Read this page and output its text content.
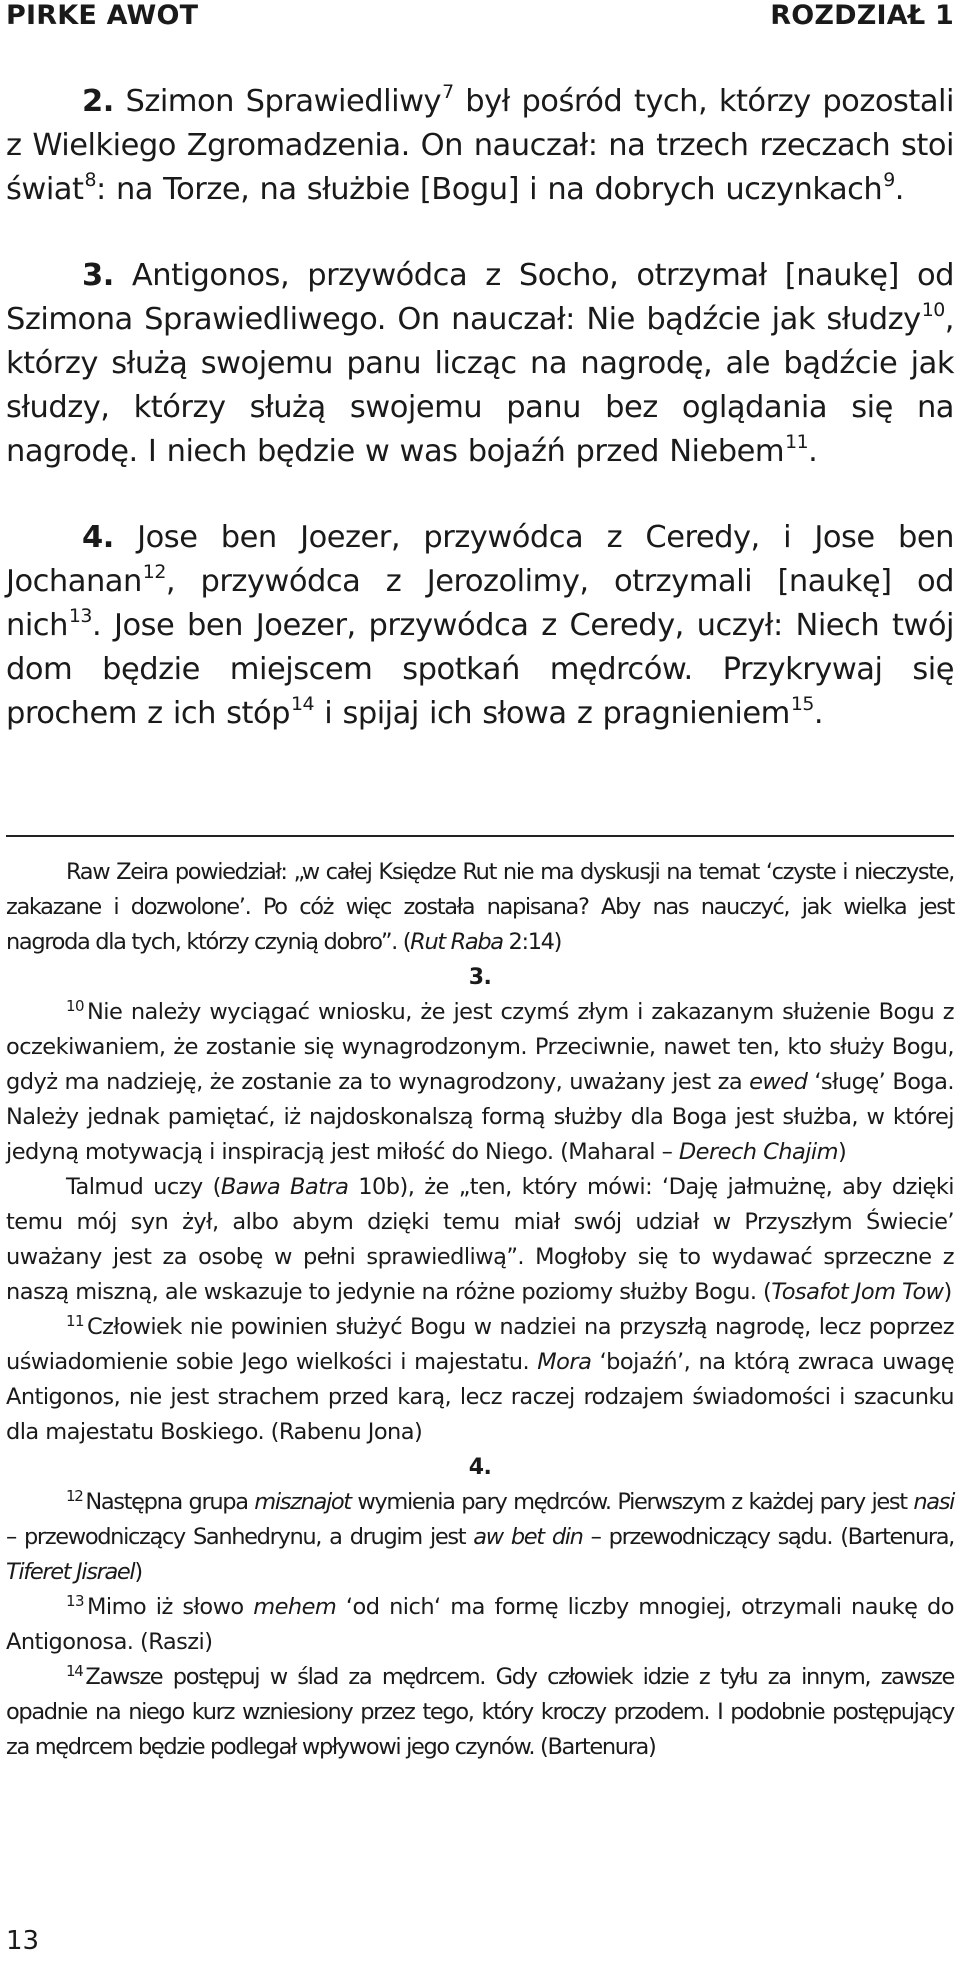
PIRKE AWOT	ROZDZIAŁ 1

2. Szimon Sprawiedliwy$^7$ był pośród tych, którzy pozostali z Wielkiego Zgromadzenia. On nauczał: na trzech rzeczach stoi świat$^8$: na Torze, na służbie [Bogu] i na dobrych uczynkach$^9$.

3. Antigonos, przywódca z Socho, otrzymał [naukę] od Szimona Sprawiedliwego. On nauczał: Nie bądźcie jak słudzy$^{10}$, którzy służą swojemu panu licząc na nagrodę, ale bądźcie jak słudzy, którzy służą swojemu panu bez oglądania się na nagrodę. I niech będzie w was bojaźń przed Niebem$^{11}$.

4. Jose ben Joezer, przywódca z Ceredy, i Jose ben Jochanan$^{12}$, przywódca z Jerozolimy, otrzymali [naukę] od nich$^{13}$. Jose ben Joezer, przywódca z Ceredy, uczył: Niech twój dom będzie miejscem spotkań mędrców. Przykrywaj się prochem z ich stóp$^{14}$ i spijaj ich słowa z pragnieniem$^{15}$.

Raw Zeira powiedział: „w całej Księdze Rut nie ma dyskusji na temat ‘czyste i nieczyste, zakazane i dozwolone’. Po cóż więc została napisana? Aby nas nauczyć, jak wielka jest nagroda dla tych, którzy czynią dobro”. (Rut Raba 2:14)

3.

$^{10}$ Nie należy wyciągać wniosku, że jest czymś złym i zakazanym służenie Bogu z oczekiwaniem, że zostanie się wynagrodzonym. Przeciwnie, nawet ten, kto służy Bogu, gdyż ma nadzieję, że zostanie za to wynagrodzony, uważany jest za ewed ‘sługę’ Boga. Należy jednak pamiętać, iż najdoskonalszą formą służby dla Boga jest służba, w której jedyną motywacją i inspiracją jest miłość do Niego. (Maharal – Derech Chajim)

Talmud uczy (Bawa Batra 10b), że „ten, który mówi: ‘Daję jałmużnę, aby dzięki temu mój syn żył, albo abym dzięki temu miał swój udział w Przyszłym Świecie’ uważany jest za osobę w pełni sprawiedliwą”. Mogłoby się to wydawać sprzeczne z naszą miszną, ale wskazuje to jedynie na różne poziomy służby Bogu. (Tosafot Jom Tow)

$^{11}$ Człowiek nie powinien służyć Bogu w nadziei na przyszłą nagrodę, lecz poprzez uświadomienie sobie Jego wielkości i majestatu. Mora ‘bojaźń’, na którą zwraca uwagę Antigonos, nie jest strachem przed karą, lecz raczej rodzajem świadomości i szacunku dla majestatu Boskiego. (Rabenu Jona)

4.

$^{12}$ Następna grupa misznajot wymienia pary mędrców. Pierwszym z każdej pary jest nasi – przewodniczący Sanhedrynu, a drugim jest aw bet din – przewodniczący sądu. (Bartenura, Tiferet Jisrael)

$^{13}$ Mimo iż słowo mehem ‘od nich‘ ma formę liczby mnogiej, otrzymali naukę do Antigonosa. (Raszi)

$^{14}$ Zawsze postępuj w ślad za mędrcem. Gdy człowiek idzie z tyłu za innym, zawsze opadnie na niego kurz wzniesiony przez tego, który kroczy przodem. I podobnie postępujący za mędrcem będzie podlegał wpływowi jego czynów. (Bartenura)

13
